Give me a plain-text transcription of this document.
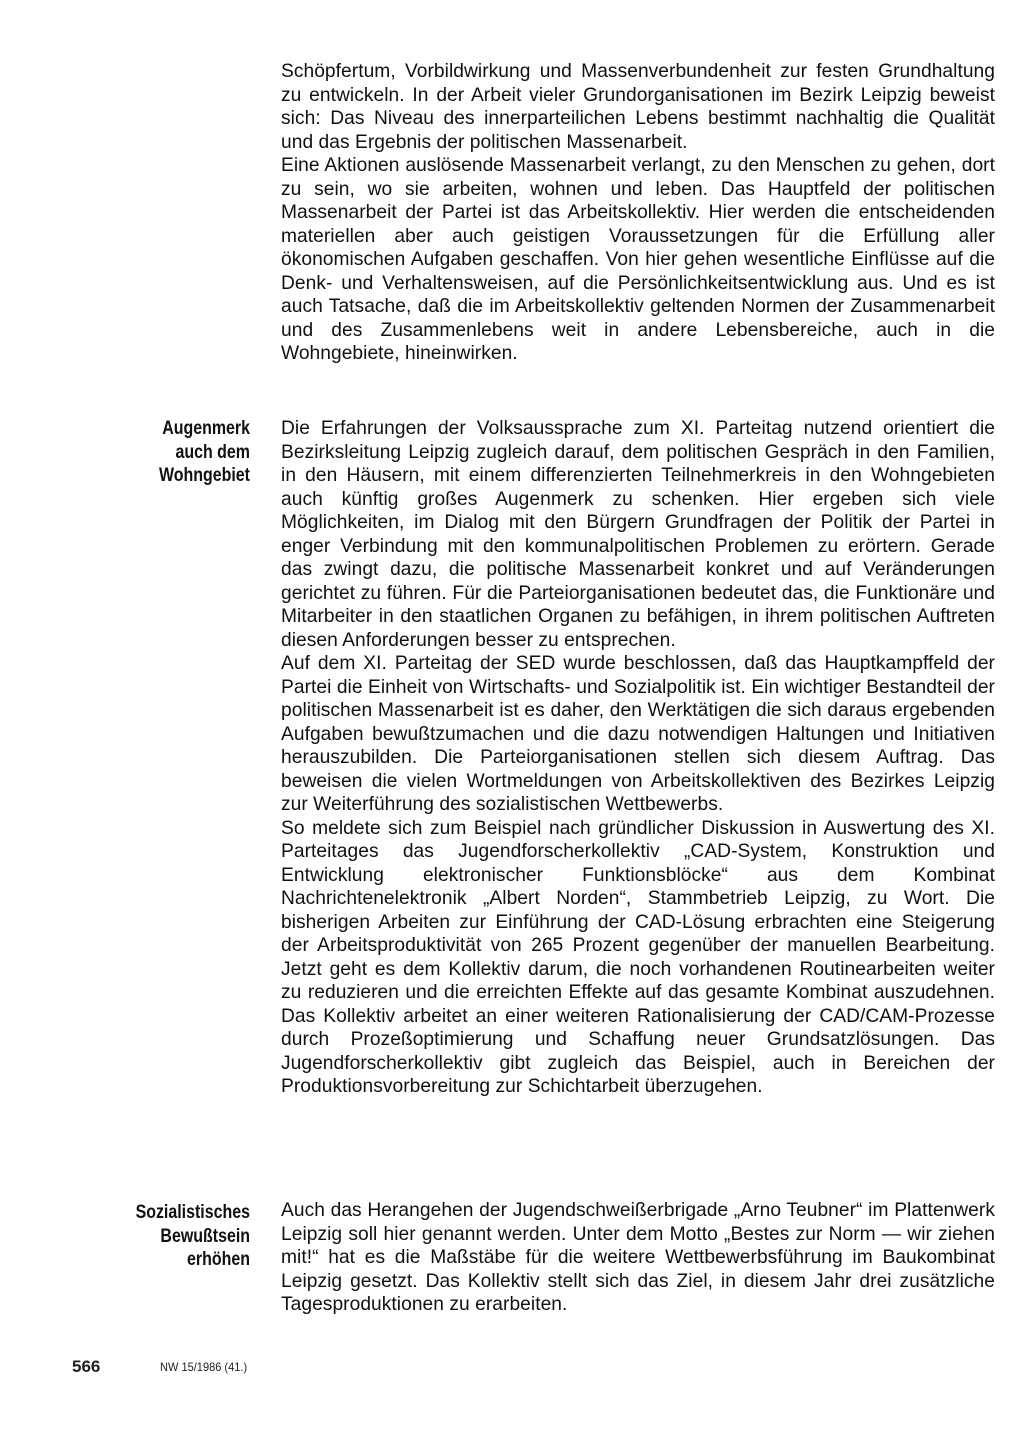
Augenmerk
auch dem
Wohngebiet
Sozialistisches
Bewußtsein
erhöhen

Schöpfertum, Vorbildwirkung und Massenverbundenheit zur festen Grundhaltung zu entwickeln. In der Arbeit vieler Grundorganisationen im Bezirk Leipzig beweist sich: Das Niveau des innerparteilichen Lebens bestimmt nachhaltig die Qualität und das Ergebnis der politischen Massenarbeit.

Eine Aktionen auslösende Massenarbeit verlangt, zu den Menschen zu gehen, dort zu sein, wo sie arbeiten, wohnen und leben. Das Hauptfeld der politischen Massenarbeit der Partei ist das Arbeitskollektiv. Hier werden die entscheidenden materiellen aber auch geistigen Voraussetzungen für die Erfüllung aller ökonomischen Aufgaben geschaffen. Von hier gehen wesentliche Einflüsse auf die Denk- und Verhaltensweisen, auf die Persönlichkeitsentwicklung aus. Und es ist auch Tatsache, daß die im Arbeitskollektiv geltenden Normen der Zusammenarbeit und des Zusammenlebens weit in andere Lebensbereiche, auch in die Wohngebiete, hineinwirken.

Die Erfahrungen der Volksaussprache zum XI. Parteitag nutzend orientiert die Bezirksleitung Leipzig zugleich darauf, dem politischen Gespräch in den Familien, in den Häusern, mit einem differenzierten Teilnehmerkreis in den Wohngebieten auch künftig großes Augenmerk zu schenken. Hier ergeben sich viele Möglichkeiten, im Dialog mit den Bürgern Grundfragen der Politik der Partei in enger Verbindung mit den kommunalpolitischen Problemen zu erörtern. Gerade das zwingt dazu, die politische Massenarbeit konkret und auf Veränderungen gerichtet zu führen. Für die Parteiorganisationen bedeutet das, die Funktionäre und Mitarbeiter in den staatlichen Organen zu befähigen, in ihrem politischen Auftreten diesen Anforderungen besser zu entsprechen.

Auf dem XI. Parteitag der SED wurde beschlossen, daß das Hauptkampffeld der Partei die Einheit von Wirtschafts- und Sozialpolitik ist. Ein wichtiger Bestandteil der politischen Massenarbeit ist es daher, den Werktätigen die sich daraus ergebenden Aufgaben bewußtzumachen und die dazu notwendigen Haltungen und Initiativen herauszubilden. Die Parteiorganisationen stellen sich diesem Auftrag. Das beweisen die vielen Wortmeldungen von Arbeitskollektiven des Bezirkes Leipzig zur Weiterführung des sozialistischen Wettbewerbs.

So meldete sich zum Beispiel nach gründlicher Diskussion in Auswertung des XI. Parteitages das Jugendforscherkollektiv „CAD-System, Konstruktion und Entwicklung elektronischer Funktionsblöcke“ aus dem Kombinat Nachrichtenelektronik „Albert Norden“, Stammbetrieb Leipzig, zu Wort. Die bisherigen Arbeiten zur Einführung der CAD-Lösung erbrachten eine Steigerung der Arbeitsproduktivität von 265 Prozent gegenüber der manuellen Bearbeitung. Jetzt geht es dem Kollektiv darum, die noch vorhandenen Routinearbeiten weiter zu reduzieren und die erreichten Effekte auf das gesamte Kombinat auszudehnen. Das Kollektiv arbeitet an einer weiteren Rationalisierung der CAD/CAM-Prozesse durch Prozeßoptimierung und Schaffung neuer Grundsatzlösungen. Das Jugendforscherkollektiv gibt zugleich das Beispiel, auch in Bereichen der Produktionsvorbereitung zur Schichtarbeit überzugehen.

Auch das Herangehen der Jugendschweißerbrigade „Arno Teubner“ im Plattenwerk Leipzig soll hier genannt werden. Unter dem Motto „Bestes zur Norm — wir ziehen mit!“ hat es die Maßstäbe für die weitere Wettbewerbsführung im Baukombinat Leipzig gesetzt. Das Kollektiv stellt sich das Ziel, in diesem Jahr drei zusätzliche Tagesproduktionen zu erarbeiten.

566	NW 15/1986 (41.)
